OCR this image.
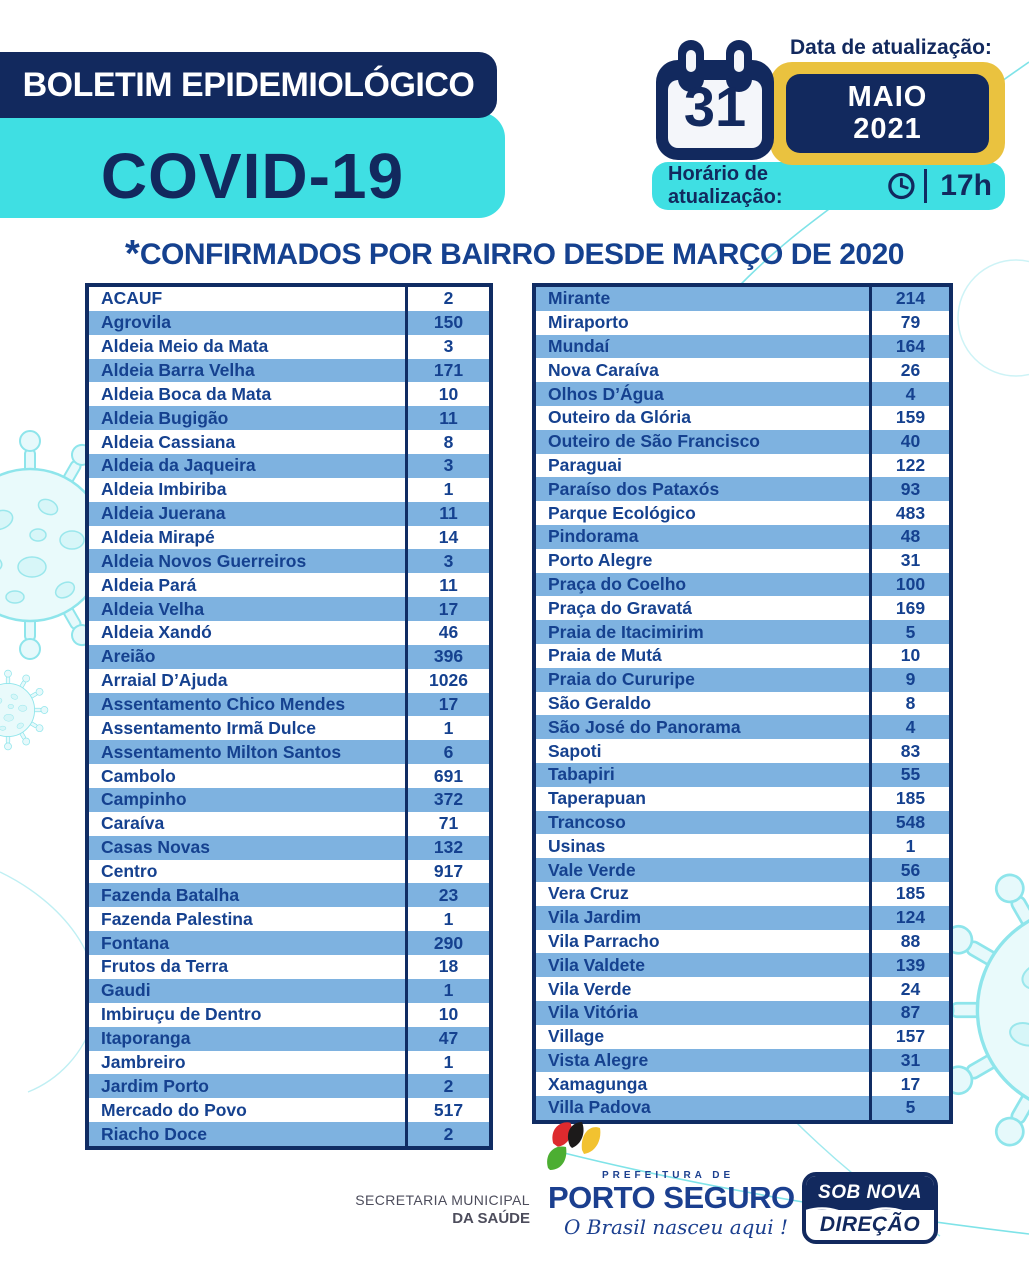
BOLETIM EPIDEMIOLÓGICO
COVID-19
31
Data de atualização:
MAIO
2021
Horário de atualização:	17h
*CONFIRMADOS POR BAIRRO DESDE MARÇO DE 2020
ACAUF	2
Agrovila	150
Aldeia Meio da Mata	3
Aldeia Barra Velha	171
Aldeia Boca da Mata	10
Aldeia Bugigão	11
Aldeia Cassiana	8
Aldeia da Jaqueira	3
Aldeia Imbiriba	1
Aldeia Juerana	11
Aldeia Mirapé	14
Aldeia Novos Guerreiros	3
Aldeia Pará	11
Aldeia Velha	17
Aldeia Xandó	46
Areião	396
Arraial D’Ajuda	1026
Assentamento Chico Mendes	17
Assentamento Irmã Dulce	1
Assentamento Milton Santos	6
Cambolo	691
Campinho	372
Caraíva	71
Casas Novas	132
Centro	917
Fazenda Batalha	23
Fazenda Palestina	1
Fontana	290
Frutos da Terra	18
Gaudi	1
Imbiruçu de Dentro	10
Itaporanga	47
Jambreiro	1
Jardim Porto	2
Mercado do Povo	517
Riacho Doce	2
Mirante	214
Miraporto	79
Mundaí	164
Nova Caraíva	26
Olhos D’Água	4
Outeiro da Glória	159
Outeiro de São Francisco	40
Paraguai	122
Paraíso dos Pataxós	93
Parque Ecológico	483
Pindorama	48
Porto Alegre	31
Praça do Coelho	100
Praça do Gravatá	169
Praia de Itacimirim	5
Praia de Mutá	10
Praia do Cururipe	9
São Geraldo	8
São José do Panorama	4
Sapoti	83
Tabapiri	55
Taperapuan	185
Trancoso	548
Usinas	1
Vale Verde	56
Vera Cruz	185
Vila Jardim	124
Vila Parracho	88
Vila Valdete	139
Vila Verde	24
Vila Vitória	87
Village	157
Vista Alegre	31
Xamagunga	17
Villa Padova	5
SECRETARIA MUNICIPAL
DA SAÚDE
PREFEITURA DE
PORTO SEGURO
O Brasil nasceu aqui !
SOB NOVA
DIREÇÃO
